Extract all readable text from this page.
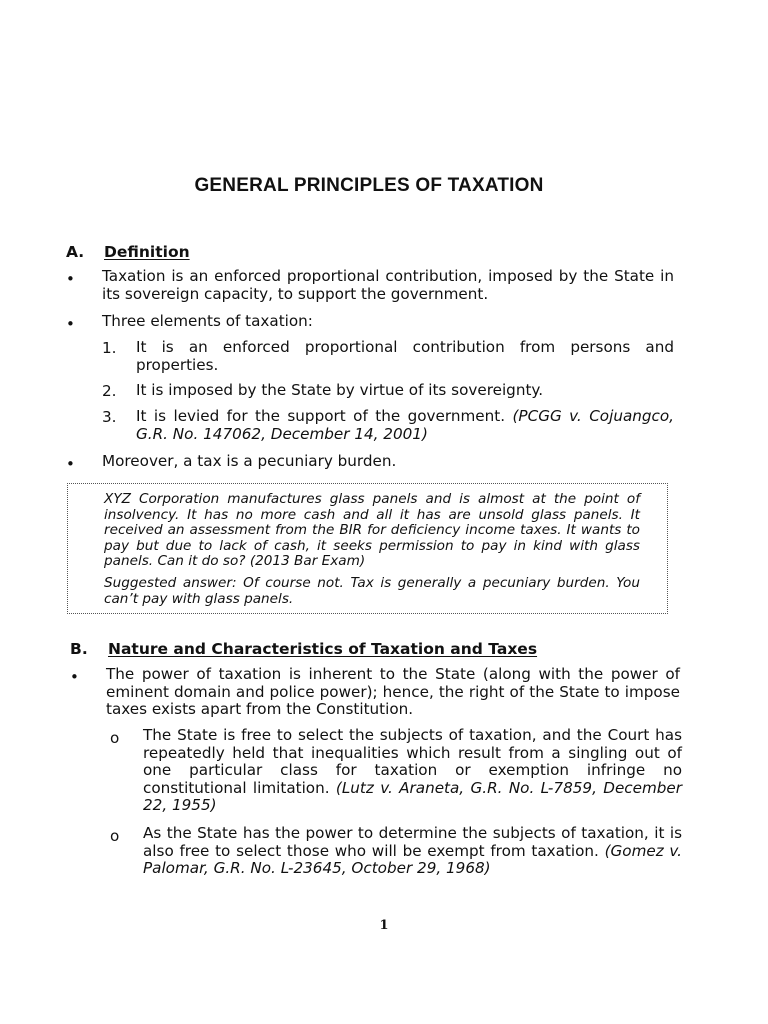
GENERAL PRINCIPLES OF TAXATION
A. Definition
• Taxation is an enforced proportional contribution, imposed by the State in its sovereign capacity, to support the government.
• Three elements of taxation:
1. It is an enforced proportional contribution from persons and properties.
2. It is imposed by the State by virtue of its sovereignty.
3. It is levied for the support of the government. (PCGG v. Cojuangco, G.R. No. 147062, December 14, 2001)
• Moreover, a tax is a pecuniary burden.
XYZ Corporation manufactures glass panels and is almost at the point of insolvency. It has no more cash and all it has are unsold glass panels. It received an assessment from the BIR for deficiency income taxes. It wants to pay but due to lack of cash, it seeks permission to pay in kind with glass panels. Can it do so? (2013 Bar Exam)
Suggested answer: Of course not. Tax is generally a pecuniary burden. You can’t pay with glass panels.
B. Nature and Characteristics of Taxation and Taxes
• The power of taxation is inherent to the State (along with the power of eminent domain and police power); hence, the right of the State to impose taxes exists apart from the Constitution.
o The State is free to select the subjects of taxation, and the Court has repeatedly held that inequalities which result from a singling out of one particular class for taxation or exemption infringe no constitutional limitation. (Lutz v. Araneta, G.R. No. L-7859, December 22, 1955)
o As the State has the power to determine the subjects of taxation, it is also free to select those who will be exempt from taxation. (Gomez v. Palomar, G.R. No. L-23645, October 29, 1968)
1
